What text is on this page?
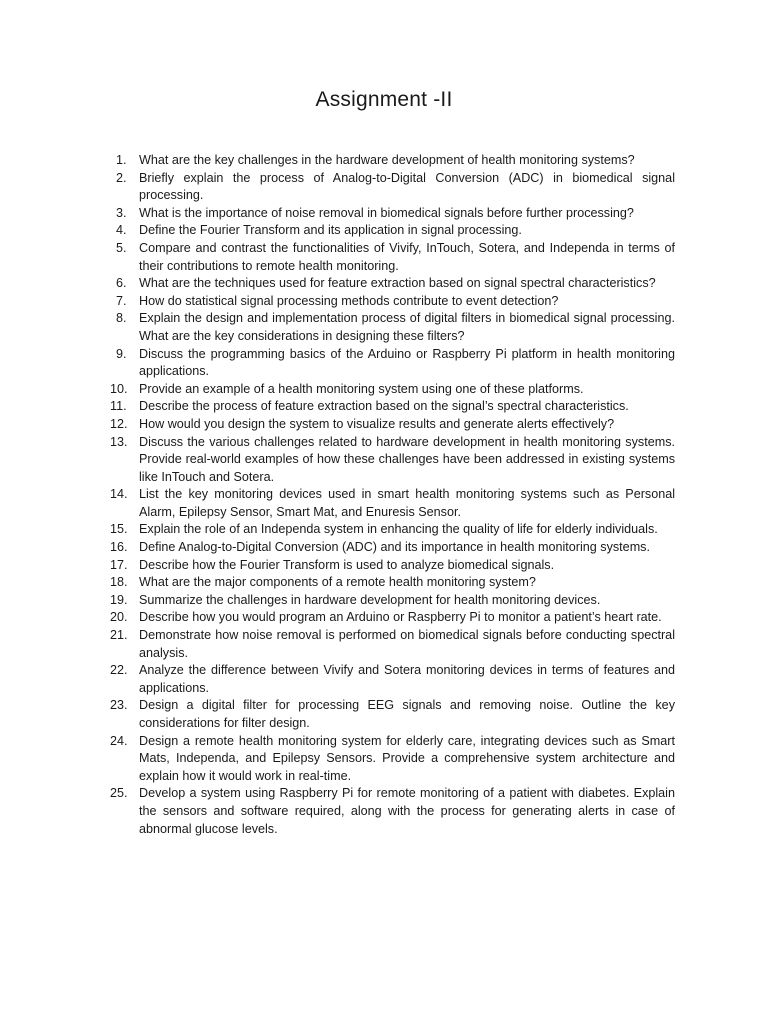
Assignment -II
1. What are the key challenges in the hardware development of health monitoring systems?
2. Briefly explain the process of Analog-to-Digital Conversion (ADC) in biomedical signal processing.
3. What is the importance of noise removal in biomedical signals before further processing?
4. Define the Fourier Transform and its application in signal processing.
5. Compare and contrast the functionalities of Vivify, InTouch, Sotera, and Independa in terms of their contributions to remote health monitoring.
6. What are the techniques used for feature extraction based on signal spectral characteristics?
7. How do statistical signal processing methods contribute to event detection?
8. Explain the design and implementation process of digital filters in biomedical signal processing. What are the key considerations in designing these filters?
9. Discuss the programming basics of the Arduino or Raspberry Pi platform in health monitoring applications.
10. Provide an example of a health monitoring system using one of these platforms.
11. Describe the process of feature extraction based on the signal’s spectral characteristics.
12. How would you design the system to visualize results and generate alerts effectively?
13. Discuss the various challenges related to hardware development in health monitoring systems. Provide real-world examples of how these challenges have been addressed in existing systems like InTouch and Sotera.
14. List the key monitoring devices used in smart health monitoring systems such as Personal Alarm, Epilepsy Sensor, Smart Mat, and Enuresis Sensor.
15. Explain the role of an Independa system in enhancing the quality of life for elderly individuals.
16. Define Analog-to-Digital Conversion (ADC) and its importance in health monitoring systems.
17. Describe how the Fourier Transform is used to analyze biomedical signals.
18. What are the major components of a remote health monitoring system?
19. Summarize the challenges in hardware development for health monitoring devices.
20. Describe how you would program an Arduino or Raspberry Pi to monitor a patient’s heart rate.
21. Demonstrate how noise removal is performed on biomedical signals before conducting spectral analysis.
22. Analyze the difference between Vivify and Sotera monitoring devices in terms of features and applications.
23. Design a digital filter for processing EEG signals and removing noise. Outline the key considerations for filter design.
24. Design a remote health monitoring system for elderly care, integrating devices such as Smart Mats, Independa, and Epilepsy Sensors. Provide a comprehensive system architecture and explain how it would work in real-time.
25. Develop a system using Raspberry Pi for remote monitoring of a patient with diabetes. Explain the sensors and software required, along with the process for generating alerts in case of abnormal glucose levels.
